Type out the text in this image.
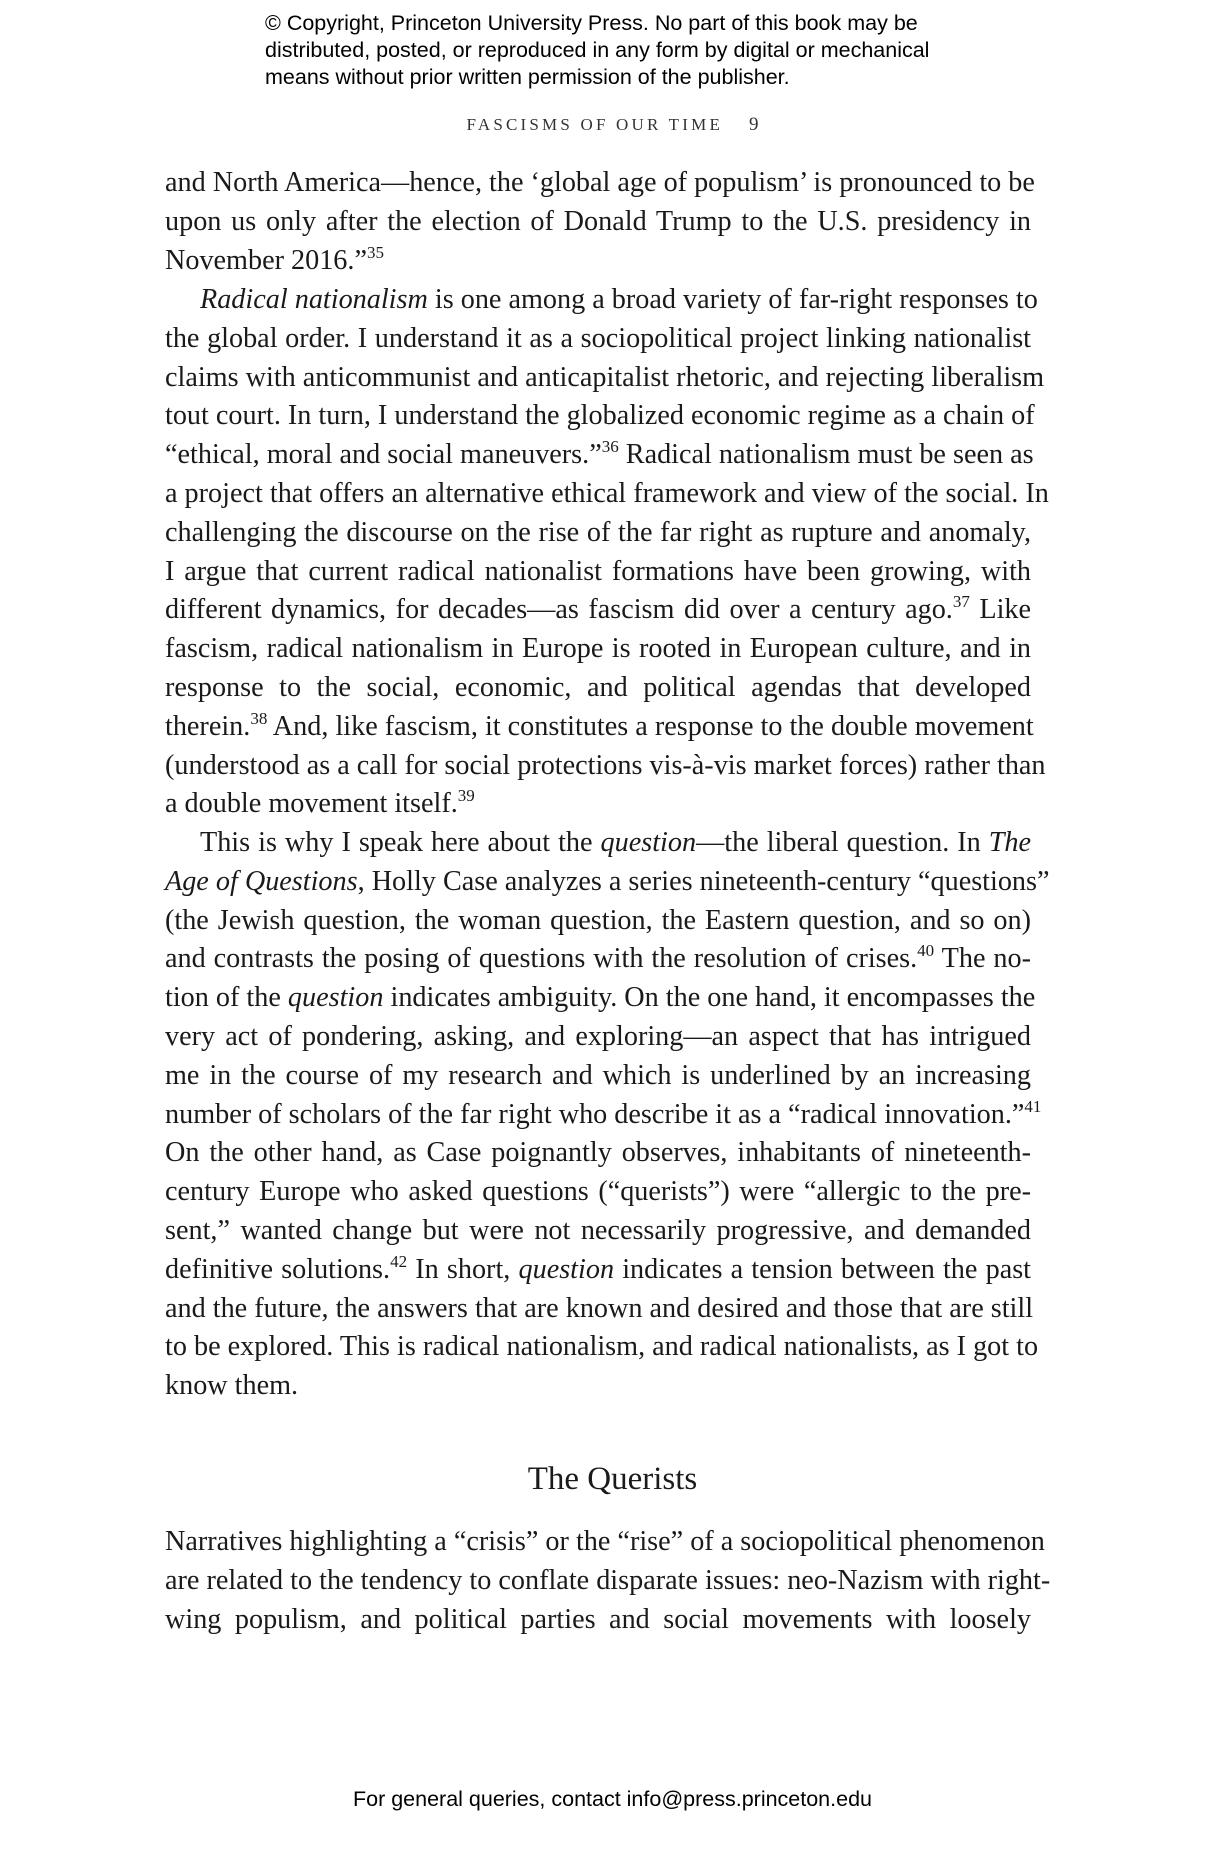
© Copyright, Princeton University Press. No part of this book may be
distributed, posted, or reproduced in any form by digital or mechanical
means without prior written permission of the publisher.
FASCISMS OF OUR TIME 9
and North America—hence, the ‘global age of populism’ is pronounced to be
upon us only after the election of Donald Trump to the U.S. presidency in
November 2016.”$^{35}$
Radical nationalism is one among a broad variety of far-right responses to
the global order. I understand it as a sociopolitical project linking nationalist
claims with anticommunist and anticapitalist rhetoric, and rejecting liberalism
tout court. In turn, I understand the globalized economic regime as a chain of
“ethical, moral and social maneuvers.”$^{36}$ Radical nationalism must be seen as
a project that offers an alternative ethical framework and view of the social. In
challenging the discourse on the rise of the far right as rupture and anomaly,
I argue that current radical nationalist formations have been growing, with
different dynamics, for decades—as fascism did over a century ago.$^{37}$ Like
fascism, radical nationalism in Europe is rooted in European culture, and in
response to the social, economic, and political agendas that developed
therein.$^{38}$ And, like fascism, it constitutes a response to the double movement
(understood as a call for social protections vis-à-vis market forces) rather than
a double movement itself.$^{39}$
This is why I speak here about the question—the liberal question. In The
Age of Questions, Holly Case analyzes a series nineteenth-century “questions”
(the Jewish question, the woman question, the Eastern question, and so on)
and contrasts the posing of questions with the resolution of crises.$^{40}$ The no-
tion of the question indicates ambiguity. On the one hand, it encompasses the
very act of pondering, asking, and exploring—an aspect that has intrigued
me in the course of my research and which is underlined by an increasing
number of scholars of the far right who describe it as a “radical innovation.”$^{41}$
On the other hand, as Case poignantly observes, inhabitants of nineteenth-
century Europe who asked questions (“querists”) were “allergic to the pre-
sent,” wanted change but were not necessarily progressive, and demanded
definitive solutions.$^{42}$ In short, question indicates a tension between the past
and the future, the answers that are known and desired and those that are still
to be explored. This is radical nationalism, and radical nationalists, as I got to
know them.
The Querists
Narratives highlighting a “crisis” or the “rise” of a sociopolitical phenomenon
are related to the tendency to conflate disparate issues: neo-Nazism with right-
wing populism, and political parties and social movements with loosely
For general queries, contact info@press.princeton.edu
